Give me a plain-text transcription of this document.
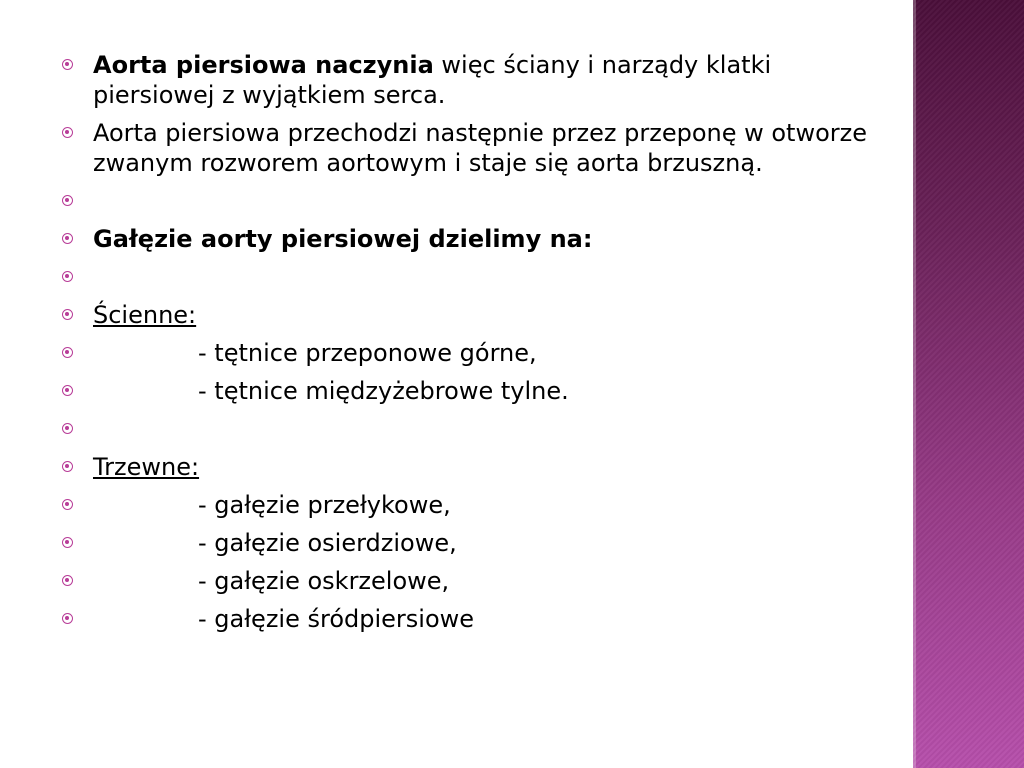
Aorta piersiowa naczynia więc ściany i narządy klatki piersiowej z wyjątkiem serca.
Aorta piersiowa przechodzi następnie przez przeponę w otworze zwanym rozworem aortowym i staje się aorta brzuszną.
Gałęzie aorty piersiowej dzielimy na:
Ścienne:
- tętnice przeponowe górne,
- tętnice międzyżebrowe tylne.
Trzewne:
- gałęzie przełykowe,
- gałęzie osierdziowe,
- gałęzie oskrzelowe,
- gałęzie śródpiersiowe
